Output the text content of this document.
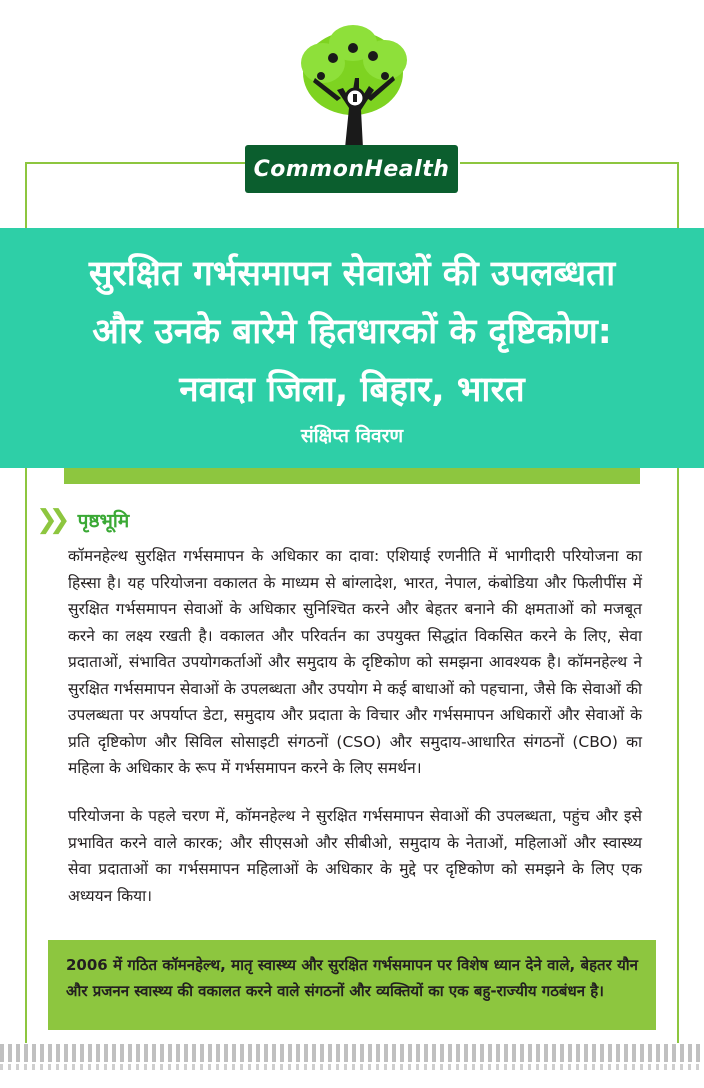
CommonHealth
सुरक्षित गर्भसमापन सेवाओं की उपलब्धता
और उनके बारेमे हितधारकों के दृष्टिकोण:
नवादा जिला, बिहार, भारत
संक्षिप्त विवरण
❯❯ पृष्ठभूमि
कॉमनहेल्थ सुरक्षित गर्भसमापन के अधिकार का दावा: एशियाई रणनीति में भागीदारी परियोजना का हिस्सा है। यह परियोजना वकालत के माध्यम से बांग्लादेश, भारत, नेपाल, कंबोडिया और फिलीपींस में सुरक्षित गर्भसमापन सेवाओं के अधिकार सुनिश्चित करने और बेहतर बनाने की क्षमताओं को मजबूत करने का लक्ष्य रखती है। वकालत और परिवर्तन का उपयुक्त सिद्धांत विकसित करने के लिए, सेवा प्रदाताओं, संभावित उपयोगकर्ताओं और समुदाय के दृष्टिकोण को समझना आवश्यक है। कॉमनहेल्थ ने सुरक्षित गर्भसमापन सेवाओं के उपलब्धता और उपयोग मे कई बाधाओं को पहचाना, जैसे कि सेवाओं की उपलब्धता पर अपर्याप्त डेटा, समुदाय और प्रदाता के विचार और गर्भसमापन अधिकारों और सेवाओं के प्रति दृष्टिकोण और सिविल सोसाइटी संगठनों (CSO) और समुदाय-आधारित संगठनों (CBO) का महिला के अधिकार के रूप में गर्भसमापन करने के लिए समर्थन।
परियोजना के पहले चरण में, कॉमनहेल्थ ने सुरक्षित गर्भसमापन सेवाओं की उपलब्धता, पहुंच और इसे प्रभावित करने वाले कारक; और सीएसओ और सीबीओ, समुदाय के नेताओं, महिलाओं और स्वास्थ्य सेवा प्रदाताओं का गर्भसमापन महिलाओं के अधिकार के मुद्दे पर दृष्टिकोण को समझने के लिए एक अध्ययन किया।

2006 में गठित कॉमनहेल्थ, मातृ स्वास्थ्य और सुरक्षित गर्भसमापन पर विशेष ध्यान देने वाले, बेहतर यौन और प्रजनन स्वास्थ्य की वकालत करने वाले संगठनों और व्यक्तियों का एक बहु-राज्यीय गठबंधन है।
